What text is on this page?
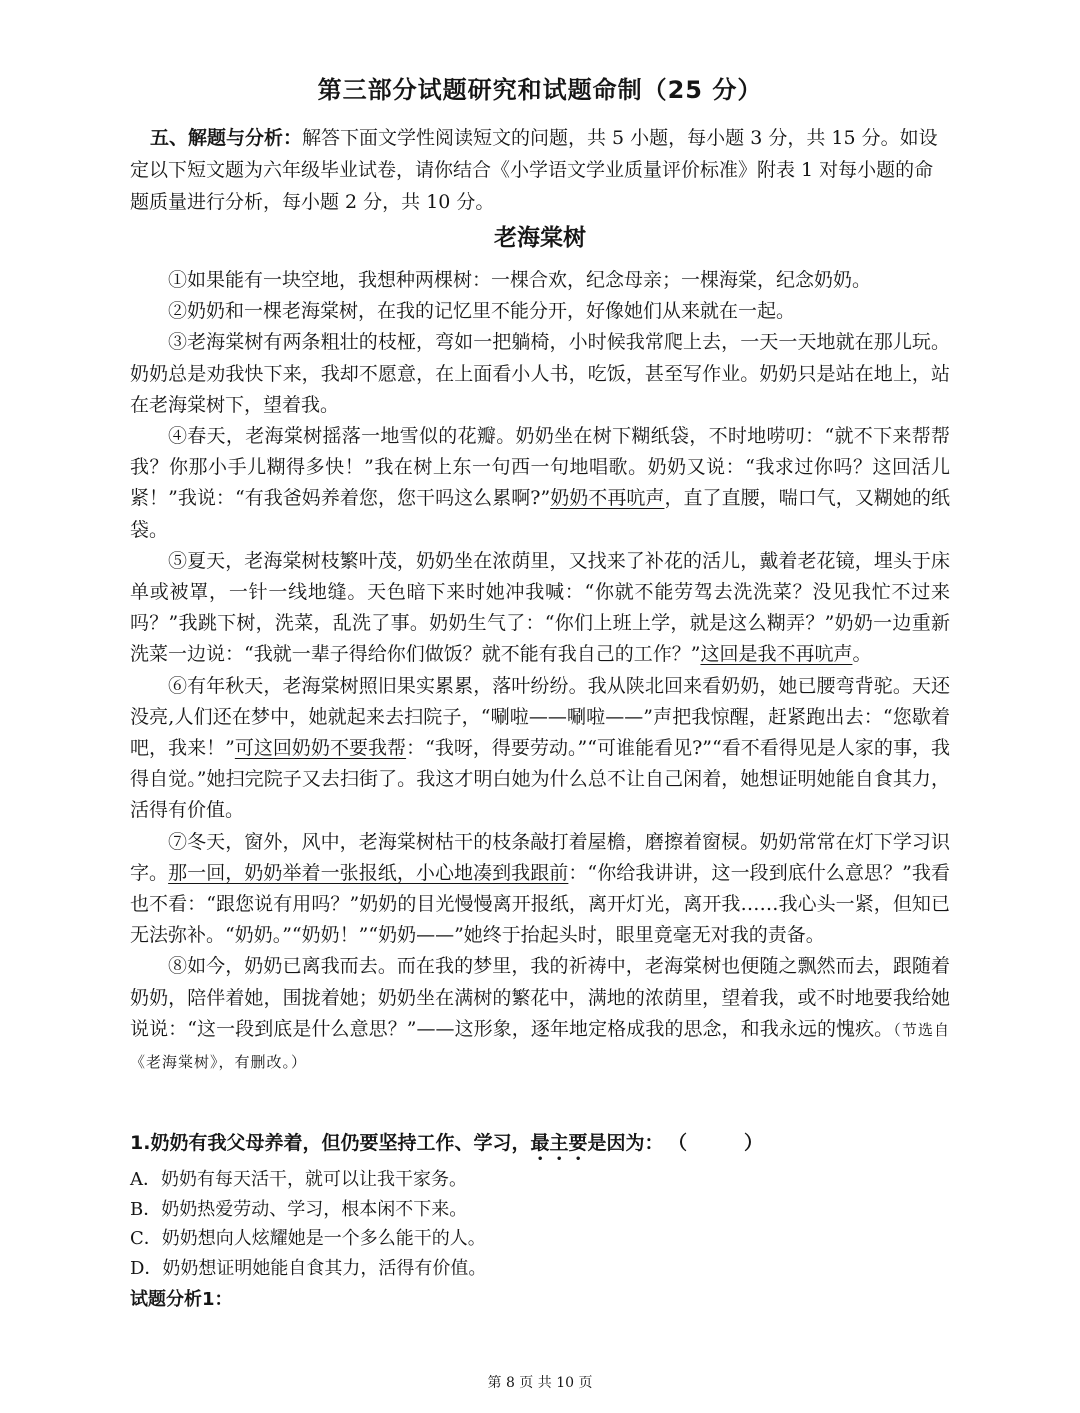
第三部分试题研究和试题命制（25 分）
五、解题与分析：解答下面文学性阅读短文的问题，共 5 小题，每小题 3 分，共 15 分。如设定以下短文题为六年级毕业试卷，请你结合《小学语文学业质量评价标准》附表 1 对每小题的命题质量进行分析，每小题 2 分，共 10 分。
老海棠树

①如果能有一块空地，我想种两棵树：一棵合欢，纪念母亲；一棵海棠，纪念奶奶。

②奶奶和一棵老海棠树，在我的记忆里不能分开，好像她们从来就在一起。

③老海棠树有两条粗壮的枝桠，弯如一把躺椅，小时候我常爬上去，一天一天地就在那儿玩。奶奶总是劝我快下来，我却不愿意，在上面看小人书，吃饭，甚至写作业。奶奶只是站在地上，站在老海棠树下，望着我。

④春天，老海棠树摇落一地雪似的花瓣。奶奶坐在树下糊纸袋，不时地唠叨：“就不下来帮帮我？你那小手儿糊得多快！”我在树上东一句西一句地唱歌。奶奶又说：“我求过你吗？这回活儿紧！”我说：“有我爸妈养着您，您干吗这么累啊?”奶奶不再吭声，直了直腰，喘口气，又糊她的纸袋。

⑤夏天，老海棠树枝繁叶茂，奶奶坐在浓荫里，又找来了补花的活儿，戴着老花镜，埋头于床单或被罩，一针一线地缝。天色暗下来时她冲我喊：“你就不能劳驾去洗洗菜？没见我忙不过来吗？”我跳下树，洗菜，乱洗了事。奶奶生气了：“你们上班上学，就是这么糊弄？”奶奶一边重新洗菜一边说：“我就一辈子得给你们做饭？就不能有我自己的工作？”这回是我不再吭声。

⑥有年秋天，老海棠树照旧果实累累，落叶纷纷。我从陕北回来看奶奶，她已腰弯背驼。天还没亮,人们还在梦中，她就起来去扫院子，“唰啦——唰啦——”声把我惊醒，赶紧跑出去：“您歇着吧，我来！”可这回奶奶不要我帮：“我呀，得要劳动。”“可谁能看见?”“看不看得见是人家的事，我得自觉。”她扫完院子又去扫街了。我这才明白她为什么总不让自己闲着，她想证明她能自食其力，活得有价值。

⑦冬天，窗外，风中，老海棠树枯干的枝条敲打着屋檐，磨擦着窗棂。奶奶常常在灯下学习识字。那一回，奶奶举着一张报纸，小心地凑到我跟前：“你给我讲讲，这一段到底什么意思？”我看也不看：“跟您说有用吗？”奶奶的目光慢慢离开报纸，离开灯光，离开我……我心头一紧，但知已无法弥补。“奶奶。”“奶奶！”“奶奶——”她终于抬起头时，眼里竟毫无对我的责备。

⑧如今，奶奶已离我而去。而在我的梦里，我的祈祷中，老海棠树也便随之飘然而去，跟随着奶奶，陪伴着她，围拢着她；奶奶坐在满树的繁花中，满地的浓荫里，望着我，或不时地要我给她说说：“这一段到底是什么意思？”——这形象，逐年地定格成我的思念，和我永远的愧疚。（节选自《老海棠树》，有删改。）

1.奶奶有我父母养着，但仍要坚持工作、学习，最主要是因为： （　　　）
A．奶奶有每天活干，就可以让我干家务。
B．奶奶热爱劳动、学习，根本闲不下来。
C．奶奶想向人炫耀她是一个多么能干的人。
D．奶奶想证明她能自食其力，活得有价值。
试题分析1：
第 8 页 共 10 页
